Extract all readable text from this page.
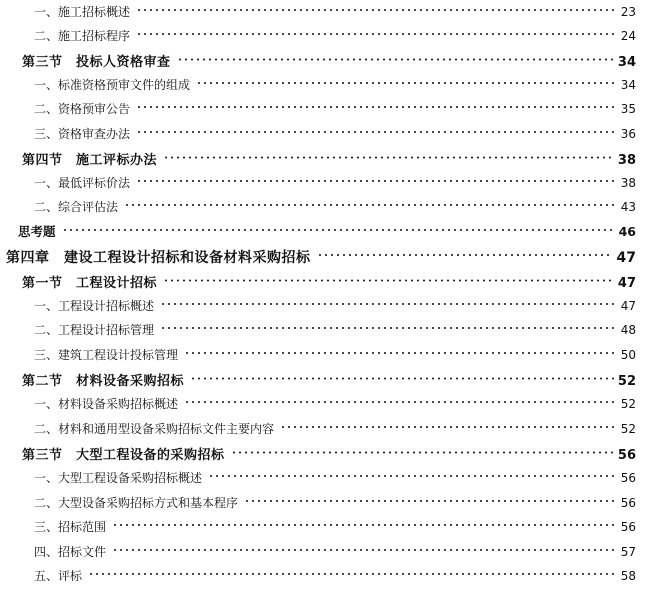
一、施工招标概述	23
二、施工招标程序	24
第三节　投标人资格审查	34
一、标准资格预审文件的组成	34
二、资格预审公告	35
三、资格审查办法	36
第四节　施工评标办法	38
一、最低评标价法	38
二、综合评估法	43
思考题	46
第四章　建设工程设计招标和设备材料采购招标	47
第一节　工程设计招标	47
一、工程设计招标概述	47
二、工程设计招标管理	48
三、建筑工程设计投标管理	50
第二节　材料设备采购招标	52
一、材料设备采购招标概述	52
二、材料和通用型设备采购招标文件主要内容	52
第三节　大型工程设备的采购招标	56
一、大型工程设备采购招标概述	56
二、大型设备采购招标方式和基本程序	56
三、招标范围	56
四、招标文件	57
五、评标	58
